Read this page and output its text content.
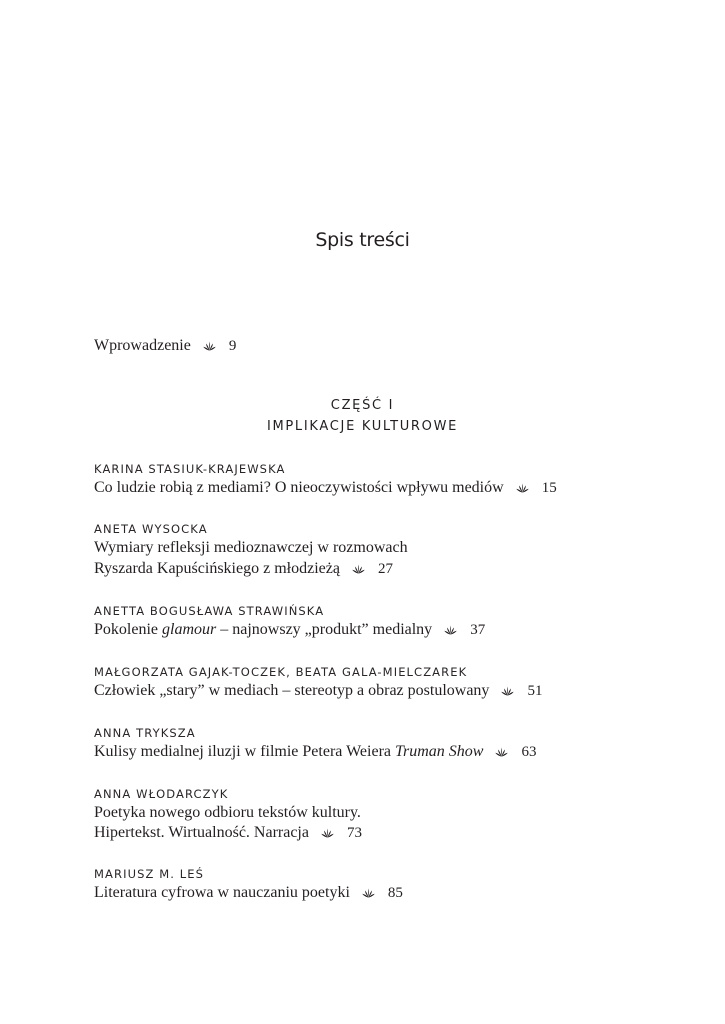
Spis treści
Wprowadzenie	9
CZĘŚĆ I
IMPLIKACJE KULTUROWE
KARINA STASIUK-KRAJEWSKA
Co ludzie robią z mediami? O nieoczywistości wpływu mediów	15
ANETA WYSOCKA
Wymiary refleksji medioznawczej w rozmowach
Ryszarda Kapuścińskiego z młodzieżą	27
ANETTA BOGUSŁAWA STRAWIŃSKA
Pokolenie glamour – najnowszy „produkt” medialny	37
MAŁGORZATA GAJAK-TOCZEK, BEATA GALA-MIELCZAREK
Człowiek „stary” w mediach – stereotyp a obraz postulowany	51
ANNA TRYKSZA
Kulisy medialnej iluzji w filmie Petera Weiera Truman Show	63
ANNA WŁODARCZYK
Poetyka nowego odbioru tekstów kultury.
Hipertekst. Wirtualność. Narracja	73
MARIUSZ M. LEŚ
Literatura cyfrowa w nauczaniu poetyki	85
